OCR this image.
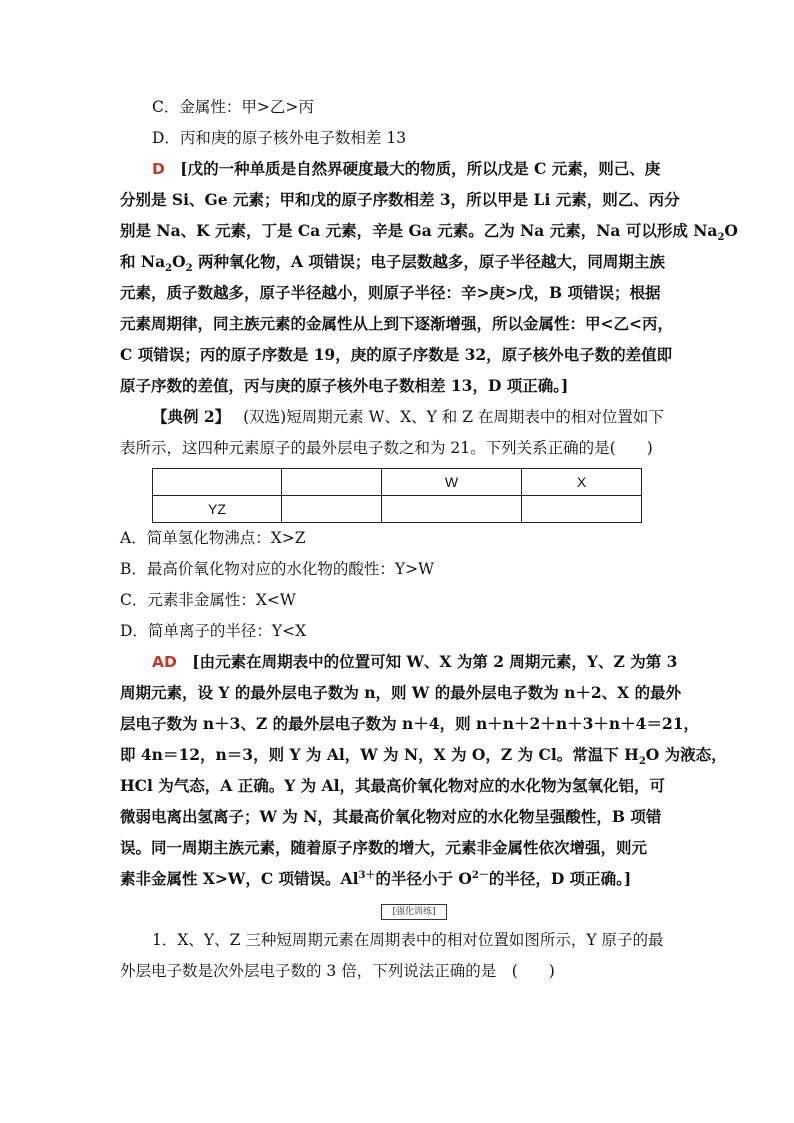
C．金属性：甲>乙>丙
D．丙和庚的原子核外电子数相差 13
D [戊的一种单质是自然界硬度最大的物质，所以戊是 C 元素，则己、庚
分别是 Si、Ge 元素；甲和戊的原子序数相差 3，所以甲是 Li 元素，则乙、丙分
别是 Na、K 元素，丁是 Ca 元素，辛是 Ga 元素。乙为 Na 元素，Na 可以形成 $Na_2O$
和 $Na_2O_2$ 两种氧化物，A 项错误；电子层数越多，原子半径越大，同周期主族
元素，质子数越多，原子半径越小，则原子半径：辛>庚>戊，B 项错误；根据
元素周期律，同主族元素的金属性从上到下逐渐增强，所以金属性：甲<乙<丙，
C 项错误；丙的原子序数是 19，庚的原子序数是 32，原子核外电子数的差值即
原子序数的差值，丙与庚的原子核外电子数相差 13，D 项正确。]
【典例 2】 (双选)短周期元素 W、X、Y 和 Z 在周期表中的相对位置如下
表所示，这四种元素原子的最外层电子数之和为 21。下列关系正确的是(　　)
		W	X
YZ			
A．简单氢化物沸点：X>Z
B．最高价氧化物对应的水化物的酸性：Y>W
C．元素非金属性：X<W
D．简单离子的半径：Y<X
AD [由元素在周期表中的位置可知 W、X 为第 2 周期元素，Y、Z 为第 3
周期元素，设 Y 的最外层电子数为 n，则 W 的最外层电子数为 n＋2、X 的最外
层电子数为 n＋3、Z 的最外层电子数为 n＋4，则 n＋n＋2＋n＋3＋n＋4＝21，
即 4n＝12，n＝3，则 Y 为 Al，W 为 N，X 为 O，Z 为 Cl。常温下 $H_2O$ 为液态，
HCl 为气态，A 正确。Y 为 Al，其最高价氧化物对应的水化物为氢氧化铝，可
微弱电离出氢离子；W 为 N，其最高价氧化物对应的水化物呈强酸性，B 项错
误。同一周期主族元素，随着原子序数的增大，元素非金属性依次增强，则元
素非金属性 X>W，C 项错误。$Al^{3+}$的半径小于 $O^{2-}$的半径，D 项正确。]
[强化训练]
1．X、Y、Z 三种短周期元素在周期表中的相对位置如图所示，Y 原子的最
外层电子数是次外层电子数的 3 倍，下列说法正确的是　(　　)
